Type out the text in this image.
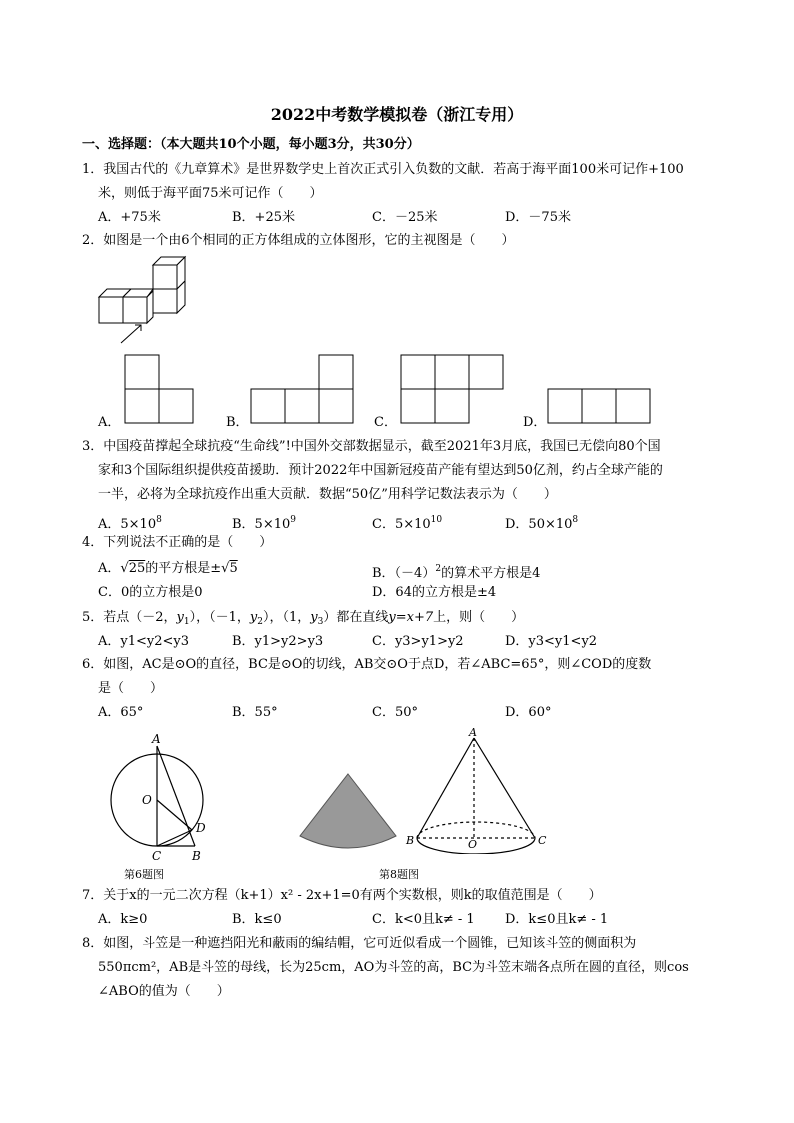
2022中考数学模拟卷（浙江专用）
一、选择题：（本大题共10个小题，每小题3分，共30分）
1．我国古代的《九章算术》是世界数学史上首次正式引入负数的文献．若高于海平面100米可记作+100
米，则低于海平面75米可记作（　　）
A．+75米	B．+25米	C．－25米	D．－75米
2．如图是一个由6个相同的正方体组成的立体图形，它的主视图是（　　）
A．	B．	C．	D．
3．中国疫苗撑起全球抗疫“生命线”!中国外交部数据显示，截至2021年3月底，我国已无偿向80个国
家和3个国际组织提供疫苗援助．预计2022年中国新冠疫苗产能有望达到50亿剂，约占全球产能的
一半，必将为全球抗疫作出重大贡献．数据“50亿”用科学记数法表示为（　　）
A．$5\times 10^8$	B．$5\times 10^9$	C．$5\times 10^{10}$	D．$50\times 10^8$
4．下列说法不正确的是（　　）
A．√25的平方根是±√5	B．$(-4)^2$的算术平方根是4
C．0的立方根是0	D．64的立方根是±4
5．若点（－2，$y_1$），（－1，$y_2$），（1，$y_3$）都在直线y=x+7上，则（　　）
A．y1<y2<y3	B．y1>y2>y3	C．y3>y1>y2	D．y3<y1<y2
6．如图，AC是⊙O的直径，BC是⊙O的切线，AB交⊙O于点D，若∠ABC=65°，则∠COD的度数
是（　　）
A．65°	B．55°	C．50°	D．60°
A
O
D
C	B
第6题图
A
B	C
O
第8题图
7．关于x的一元二次方程（k+1）x² - 2x+1=0有两个实数根，则k的取值范围是（　　）
A．k≥0	B．k≤0	C．k<0且k≠ - 1 D．k≤0且k≠ - 1
8．如图，斗笠是一种遮挡阳光和蔽雨的编结帽，它可近似看成一个圆锥，已知该斗笠的侧面积为
550πcm²，AB是斗笠的母线，长为25cm，AO为斗笠的高，BC为斗笠末端各点所在圆的直径，则cos
∠ABO的值为（　　）
